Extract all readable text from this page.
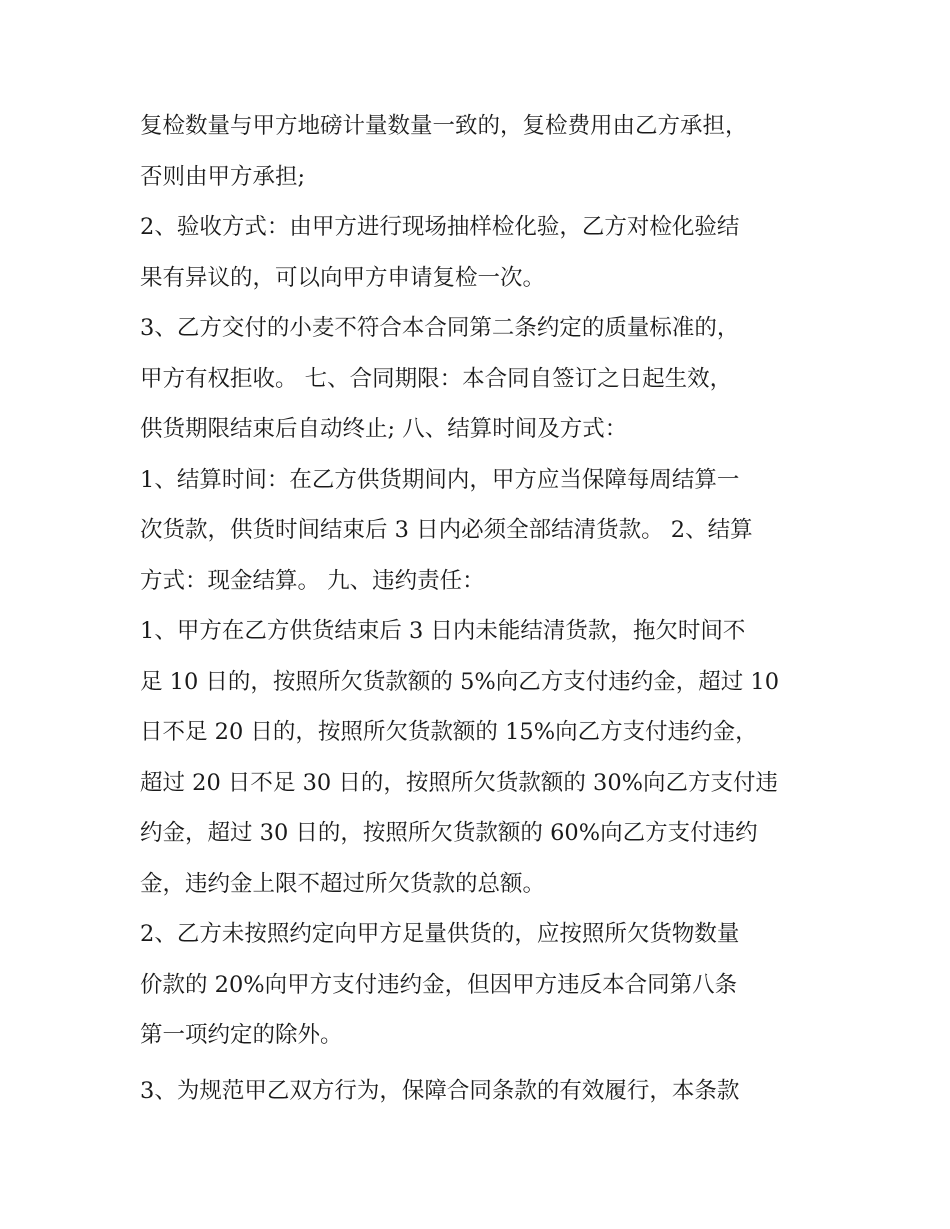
复检数量与甲方地磅计量数量一致的，复检费用由乙方承担，
否则由甲方承担;
2、验收方式：由甲方进行现场抽样检化验，乙方对检化验结
果有异议的，可以向甲方申请复检一次。
3、乙方交付的小麦不符合本合同第二条约定的质量标准的，
甲方有权拒收。 七、合同期限：本合同自签订之日起生效，
供货期限结束后自动终止; 八、结算时间及方式：
1、结算时间：在乙方供货期间内，甲方应当保障每周结算一
次货款，供货时间结束后 3 日内必须全部结清货款。 2、结算
方式：现金结算。 九、违约责任：
1、甲方在乙方供货结束后 3 日内未能结清货款，拖欠时间不
足 10 日的，按照所欠货款额的 5%向乙方支付违约金，超过 10
日不足 20 日的，按照所欠货款额的 15%向乙方支付违约金，
超过 20 日不足 30 日的，按照所欠货款额的 30%向乙方支付违
约金，超过 30 日的，按照所欠货款额的 60%向乙方支付违约
金，违约金上限不超过所欠货款的总额。
2、乙方未按照约定向甲方足量供货的，应按照所欠货物数量
价款的 20%向甲方支付违约金，但因甲方违反本合同第八条
第一项约定的除外。
3、为规范甲乙双方行为，保障合同条款的有效履行，本条款
